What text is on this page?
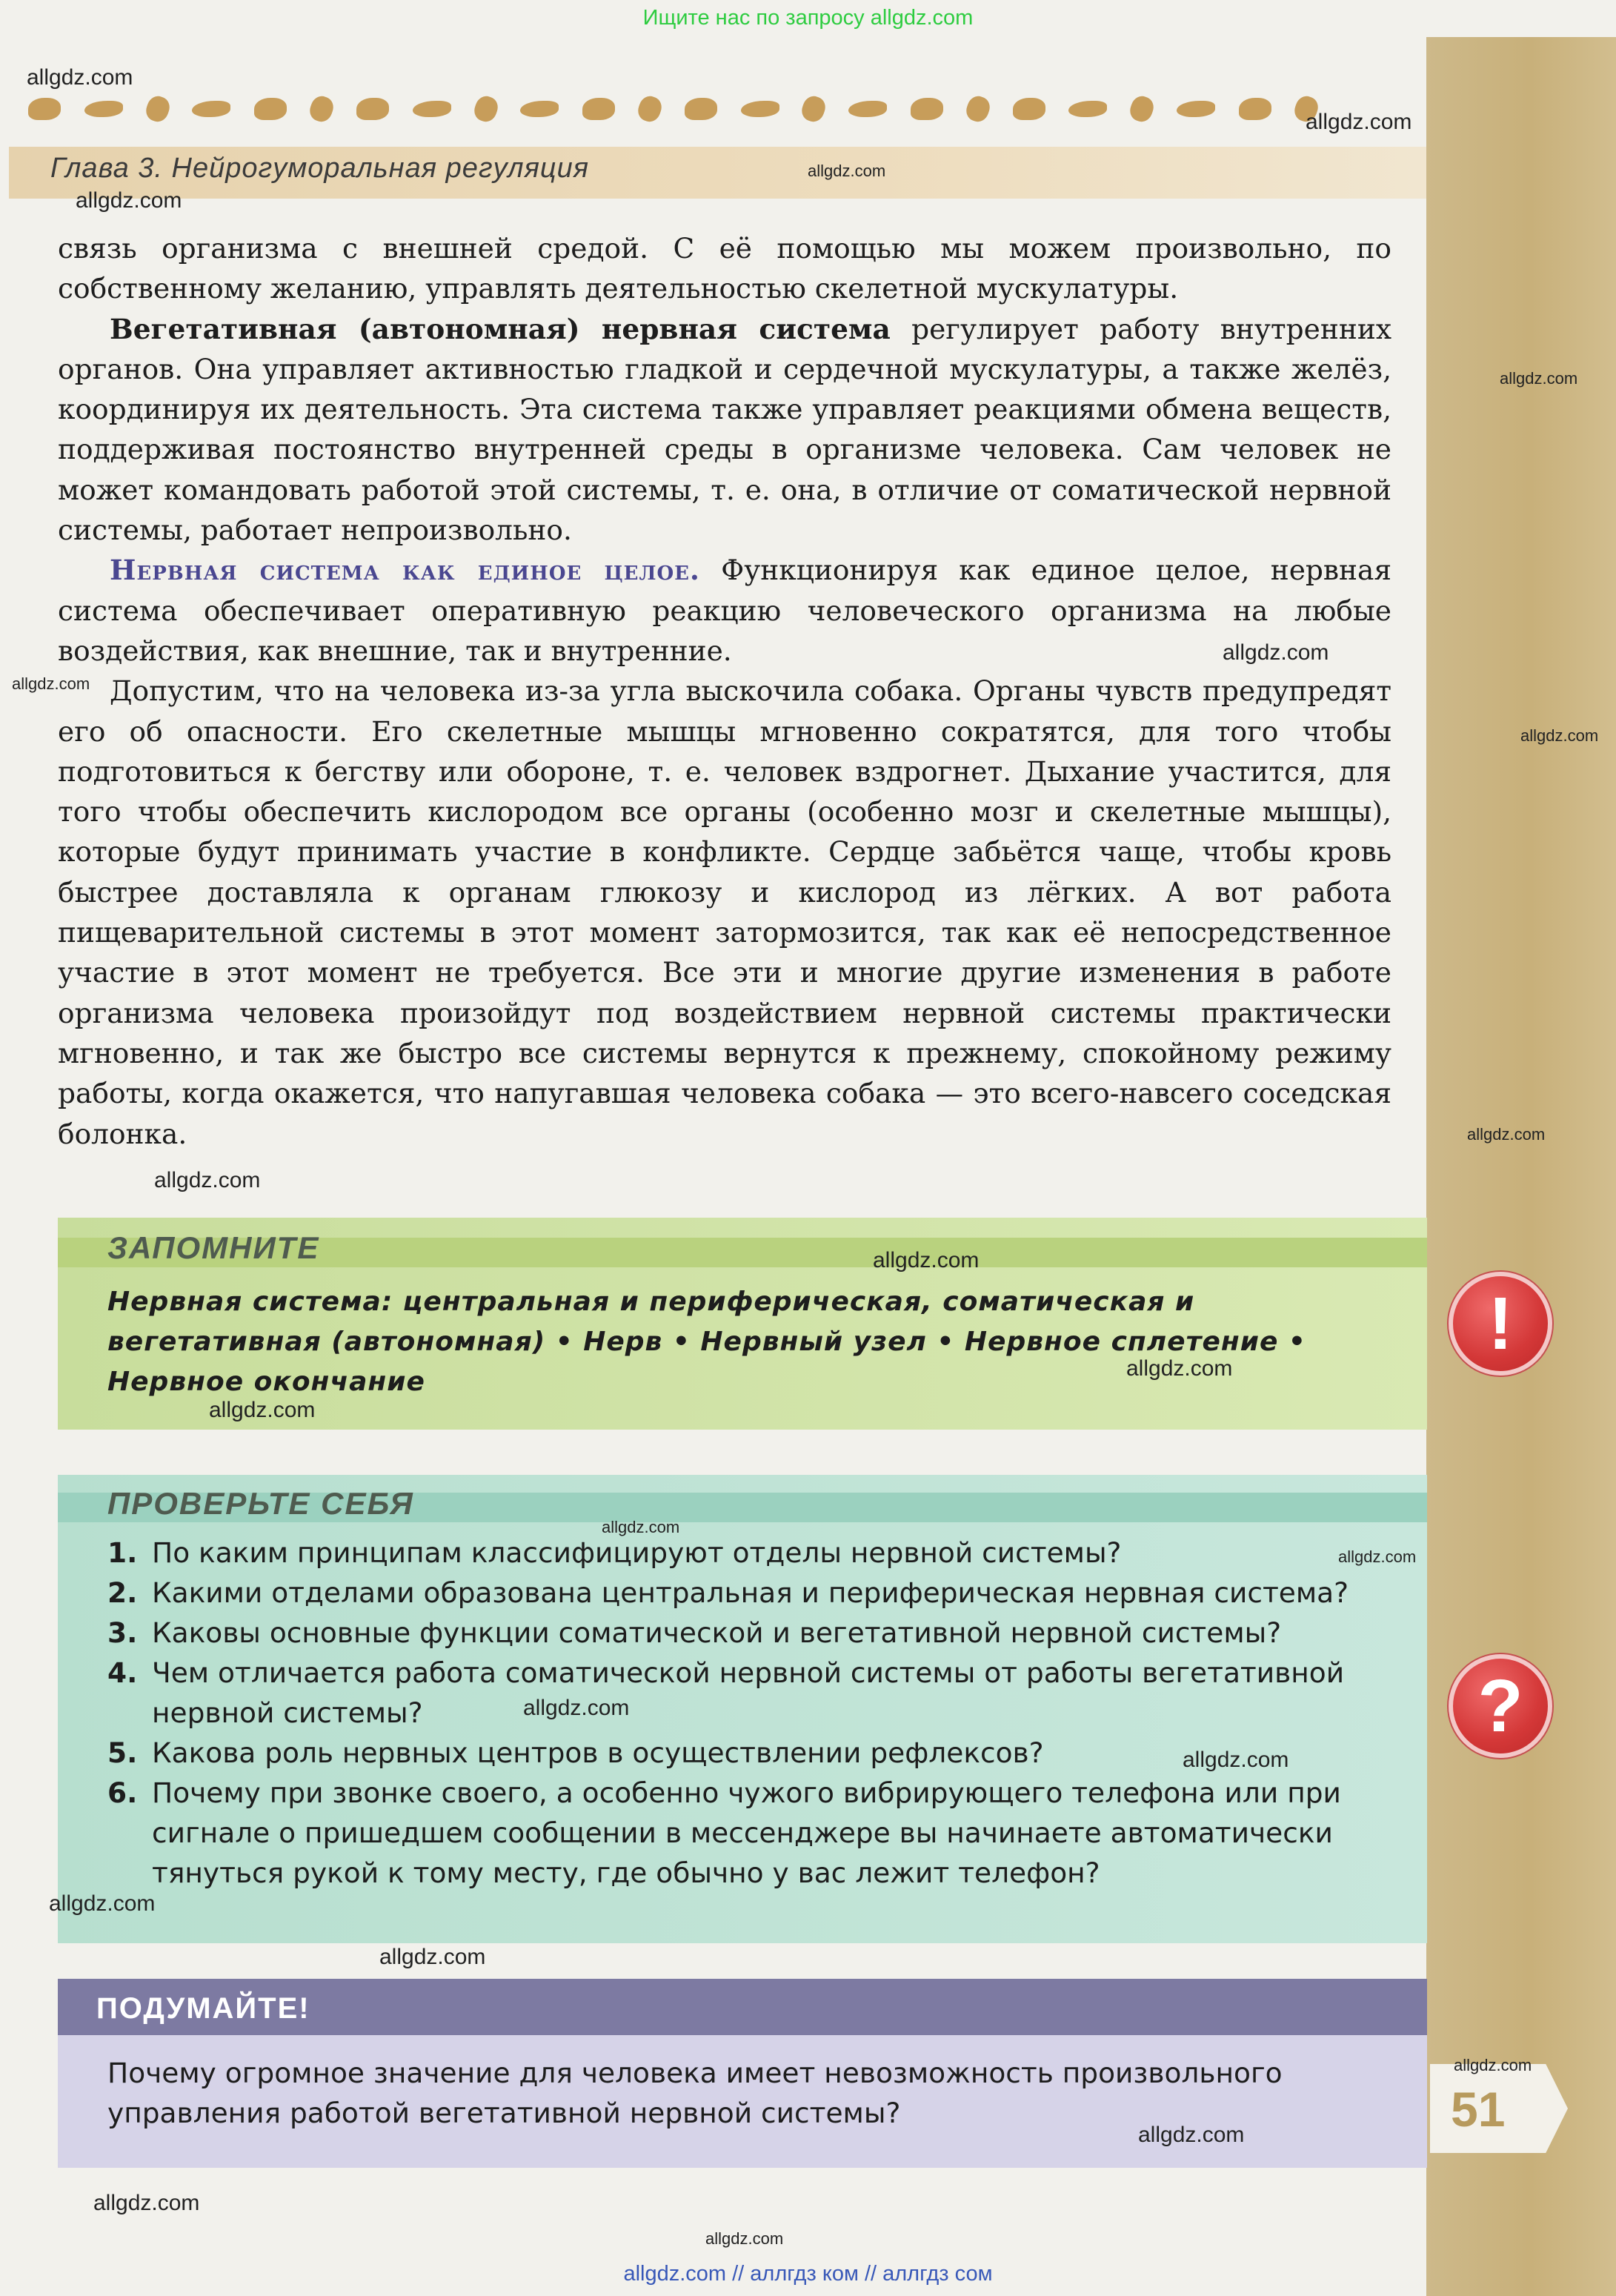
Ищите нас по запросу allgdz.com
Глава 3. Нейрогуморальная регуляция

связь организма с внешней средой. С её помощью мы можем произвольно, по собственному желанию, управлять деятельностью скелетной мускулатуры.

Вегетативная (автономная) нервная система регулирует работу внутренних органов. Она управляет активностью гладкой и сердечной мускулатуры, а также желёз, координируя их деятельность. Эта система также управляет реакциями обмена веществ, поддерживая постоянство внутренней среды в организме человека. Сам человек не может командовать работой этой системы, т. е. она, в отличие от соматической нервной системы, работает непроизвольно.

Нервная система как единое целое. Функционируя как единое целое, нервная система обеспечивает оперативную реакцию человеческого организма на любые воздействия, как внешние, так и внутренние.

Допустим, что на человека из-за угла выскочила собака. Органы чувств предупредят его об опасности. Его скелетные мышцы мгновенно сократятся, для того чтобы подготовиться к бегству или обороне, т. е. человек вздрогнет. Дыхание участится, для того чтобы обеспечить кислородом все органы (особенно мозг и скелетные мышцы), которые будут принимать участие в конфликте. Сердце забьётся чаще, чтобы кровь быстрее доставляла к органам глюкозу и кислород из лёгких. А вот работа пищеварительной системы в этот момент затормозится, так как её непосредственное участие в этот момент не требуется. Все эти и многие другие изменения в работе организма человека произойдут под воздействием нервной системы практически мгновенно, и так же быстро все системы вернутся к прежнему, спокойному режиму работы, когда окажется, что напугавшая человека собака — это всего-навсего соседская болонка.

ЗАПОМНИТЕ
Нервная система: центральная и периферическая, соматическая и вегетативная (автономная) • Нерв • Нервный узел • Нервное сплетение • Нервное окончание
!
ПРОВЕРЬТЕ СЕБЯ
1. По каким принципам классифицируют отделы нервной системы?
2. Какими отделами образована центральная и периферическая нервная система?
3. Каковы основные функции соматической и вегетативной нервной системы?
4. Чем отличается работа соматической нервной системы от работы вегетативной нервной системы?
5. Какова роль нервных центров в осуществлении рефлексов?
6. Почему при звонке своего, а особенно чужого вибрирующего телефона или при сигнале о пришедшем сообщении в мессенджере вы начинаете автоматически тянуться рукой к тому месту, где обычно у вас лежит телефон?
?
ПОДУМАЙТЕ!
Почему огромное значение для человека имеет невозможность произвольного управления работой вегетативной нервной системы?	51
allgdz.com
allgdz.com
allgdz.com
allgdz.com
allgdz.com
allgdz.com
allgdz.com
allgdz.com
allgdz.com
allgdz.com
allgdz.com
allgdz.com
allgdz.com
allgdz.com
allgdz.com
allgdz.com
allgdz.com
allgdz.com
allgdz.com
allgdz.com
allgdz.com
allgdz.com
allgdz.com
allgdz.com // аллгдз ком // аллгдз сом
